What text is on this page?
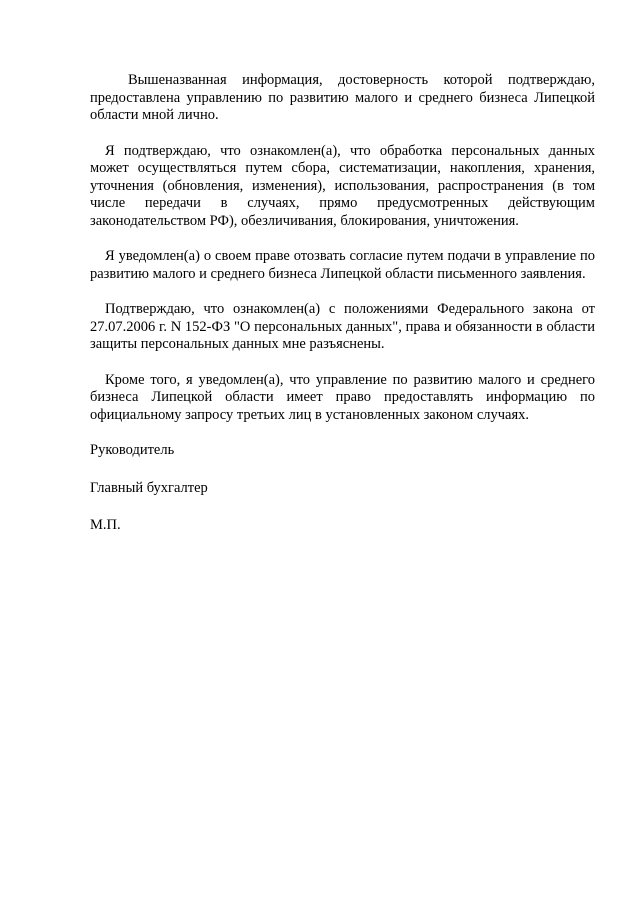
Вышеназванная информация, достоверность которой подтверждаю, предоставлена управлению по развитию малого и среднего бизнеса Липецкой области мной лично.

Я подтверждаю, что ознакомлен(а), что обработка персональных данных может осуществляться путем сбора, систематизации, накопления, хранения, уточнения (обновления, изменения), использования, распространения (в том числе передачи в случаях, прямо предусмотренных действующим законодательством РФ), обезличивания, блокирования, уничтожения.

Я уведомлен(а) о своем праве отозвать согласие путем подачи в управление по развитию малого и среднего бизнеса Липецкой области письменного заявления.

Подтверждаю, что ознакомлен(а) с положениями Федерального закона от 27.07.2006 г. N 152-ФЗ "О персональных данных", права и обязанности в области защиты персональных данных мне разъяснены.

Кроме того, я уведомлен(а), что управление по развитию малого и среднего бизнеса Липецкой области имеет право предоставлять информацию по официальному запросу третьих лиц в установленных законом случаях.

Руководитель

Главный бухгалтер

М.П.
